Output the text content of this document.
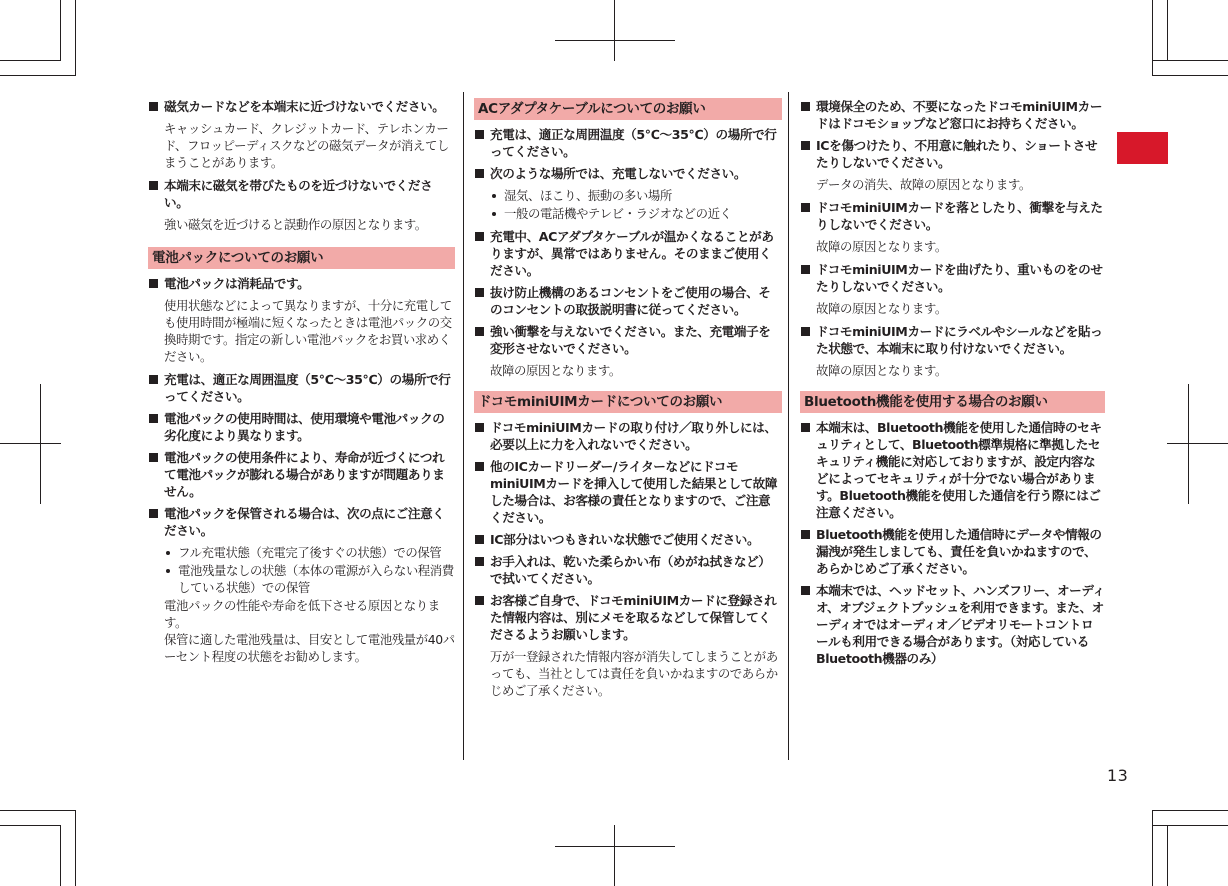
磁気カードなどを本端末に近づけないでください。
キャッシュカード、クレジットカード、テレホンカード、フロッピーディスクなどの磁気データが消えてしまうことがあります。
本端末に磁気を帯びたものを近づけないでください。
強い磁気を近づけると誤動作の原因となります。
電池パックについてのお願い
電池パックは消耗品です。
使用状態などによって異なりますが、十分に充電しても使用時間が極端に短くなったときは電池パックの交換時期です。指定の新しい電池パックをお買い求めください。
充電は、適正な周囲温度（5℃～35℃）の場所で行ってください。
電池パックの使用時間は、使用環境や電池パックの劣化度により異なります。
電池パックの使用条件により、寿命が近づくにつれて電池パックが膨れる場合がありますが問題ありません。
電池パックを保管される場合は、次の点にご注意ください。
フル充電状態（充電完了後すぐの状態）での保管
電池残量なしの状態（本体の電源が入らない程消費している状態）での保管
電池パックの性能や寿命を低下させる原因となります。
保管に適した電池残量は、目安として電池残量が40パーセント程度の状態をお勧めします。
ACアダプタケーブルについてのお願い
充電は、適正な周囲温度（5℃～35℃）の場所で行ってください。
次のような場所では、充電しないでください。
湿気、ほこり、振動の多い場所
一般の電話機やテレビ・ラジオなどの近く
充電中、ACアダプタケーブルが温かくなることがありますが、異常ではありません。そのままご使用ください。
抜け防止機構のあるコンセントをご使用の場合、そのコンセントの取扱説明書に従ってください。
強い衝撃を与えないでください。また、充電端子を変形させないでください。
故障の原因となります。
ドコモminiUIMカードについてのお願い
ドコモminiUIMカードの取り付け／取り外しには、必要以上に力を入れないでください。
他のICカードリーダー/ライターなどにドコモminiUIMカードを挿入して使用した結果として故障した場合は、お客様の責任となりますので、ご注意ください。
IC部分はいつもきれいな状態でご使用ください。
お手入れは、乾いた柔らかい布（めがね拭きなど）で拭いてください。
お客様ご自身で、ドコモminiUIMカードに登録された情報内容は、別にメモを取るなどして保管してくださるようお願いします。
万が一登録された情報内容が消失してしまうことがあっても、当社としては責任を負いかねますのであらかじめご了承ください。
環境保全のため、不要になったドコモminiUIMカードはドコモショップなど窓口にお持ちください。
ICを傷つけたり、不用意に触れたり、ショートさせたりしないでください。
データの消失、故障の原因となります。
ドコモminiUIMカードを落としたり、衝撃を与えたりしないでください。
故障の原因となります。
ドコモminiUIMカードを曲げたり、重いものをのせたりしないでください。
故障の原因となります。
ドコモminiUIMカードにラベルやシールなどを貼った状態で、本端末に取り付けないでください。
故障の原因となります。
Bluetooth機能を使用する場合のお願い
本端末は、Bluetooth機能を使用した通信時のセキュリティとして、Bluetooth標準規格に準拠したセキュリティ機能に対応しておりますが、設定内容などによってセキュリティが十分でない場合があります。Bluetooth機能を使用した通信を行う際にはご注意ください。
Bluetooth機能を使用した通信時にデータや情報の漏洩が発生しましても、責任を負いかねますので、あらかじめご了承ください。
本端末では、ヘッドセット、ハンズフリー、オーディオ、オブジェクトプッシュを利用できます。また、オーディオではオーディオ／ビデオリモートコントロールも利用できる場合があります。（対応しているBluetooth機器のみ）
13
